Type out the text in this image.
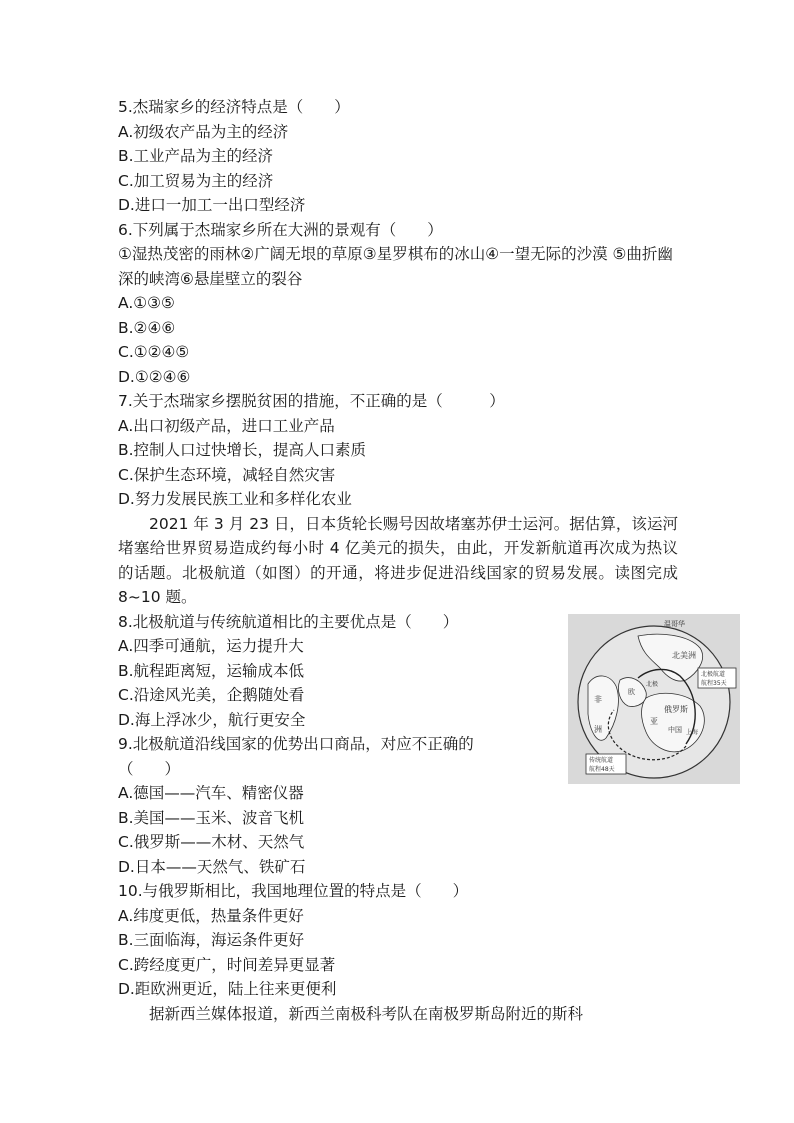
5.杰瑞家乡的经济特点是（　　）
A.初级农产品为主的经济
B.工业产品为主的经济
C.加工贸易为主的经济
D.进口一加工一出口型经济
6.下列属于杰瑞家乡所在大洲的景观有（　　）
①湿热茂密的雨林②广阔无垠的草原③星罗棋布的冰山④一望无际的沙漠 ⑤曲折幽深的峡湾⑥悬崖壁立的裂谷
A.①③⑤
B.②④⑥
C.①②④⑤
D.①②④⑥
7.关于杰瑞家乡摆脱贫困的措施，不正确的是（　　　）
A.出口初级产品，进口工业产品
B.控制人口过快增长，提高人口素质
C.保护生态环境，减轻自然灾害
D.努力发展民族工业和多样化农业
2021 年 3 月 23 日，日本货轮长赐号因故堵塞苏伊士运河。据估算，该运河堵塞给世界贸易造成约每小时 4 亿美元的损失，由此，开发新航道再次成为热议的话题。北极航道（如图）的开通，将进步促进沿线国家的贸易发展。读图完成 8~10 题。
8.北极航道与传统航道相比的主要优点是（　　）
A.四季可通航，运力提升大
B.航程距离短，运输成本低
C.沿途风光美，企鹅随处看
D.海上浮冰少，航行更安全
9.北极航道沿线国家的优势出口商品，对应不正确的
（　　）
温哥华
北美洲
非
洲
欧
北极
俄罗斯
亚
中国 上海
北极航道
航程35天
传统航道
航程48天
A.德国——汽车、精密仪器
B.美国——玉米、波音飞机
C.俄罗斯——木材、天然气
D.日本——天然气、铁矿石
10.与俄罗斯相比，我国地理位置的特点是（　　）
A.纬度更低，热量条件更好
B.三面临海，海运条件更好
C.跨经度更广，时间差异更显著
D.距欧洲更近，陆上往来更便利
据新西兰媒体报道，新西兰南极科考队在南极罗斯岛附近的斯科
